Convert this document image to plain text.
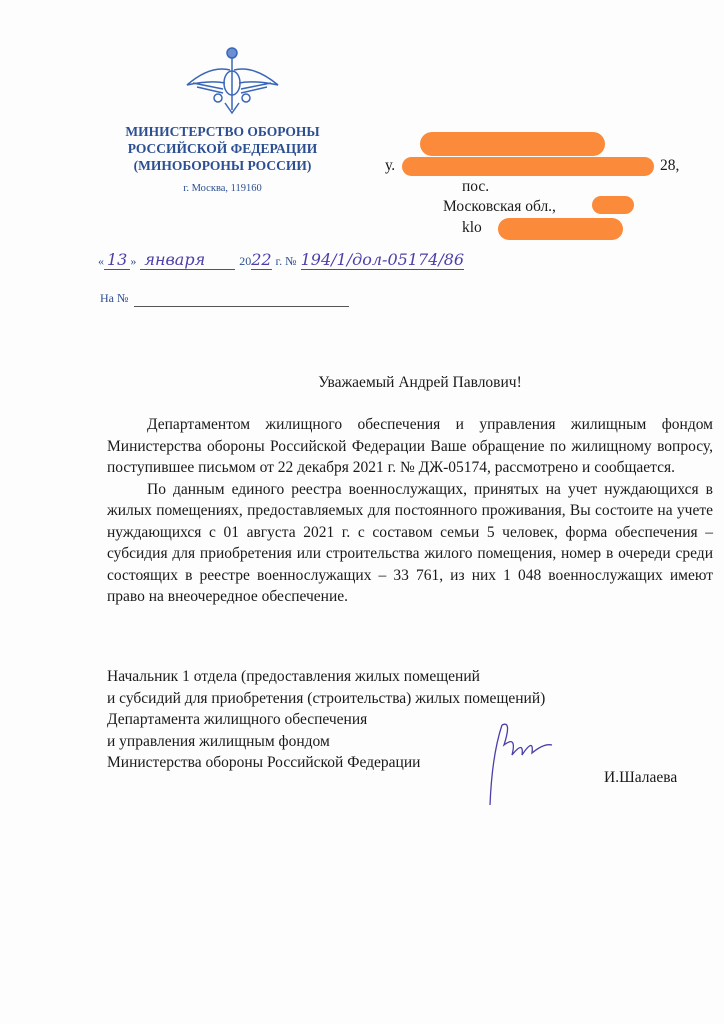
МИНИСТЕРСТВО ОБОРОНЫ
РОССИЙСКОЙ ФЕДЕРАЦИИ
(МИНОБОРОНЫ РОССИИ)
г. Москва, 119160
у.	28,
пос.
Московская обл.,
klo
« 13 » января	2022 г. № 194/1/дол-05174/86
На №
Уважаемый Андрей Павлович!

Департаментом жилищного обеспечения и управления жилищным фондом Министерства обороны Российской Федерации Ваше обращение по жилищному вопросу, поступившее письмом от 22 декабря 2021 г. № ДЖ-05174, рассмотрено и сообщается.

По данным единого реестра военнослужащих, принятых на учет нуждающихся в жилых помещениях, предоставляемых для постоянного проживания, Вы состоите на учете нуждающихся с 01 августа 2021 г. с составом семьи 5 человек, форма обеспечения – субсидия для приобретения или строительства жилого помещения, номер в очереди среди состоящих в реестре военнослужащих – 33 761, из них 1 048 военнослужащих имеют право на внеочередное обеспечение.

Начальник 1 отдела (предоставления жилых помещений
и субсидий для приобретения (строительства) жилых помещений)
Департамента жилищного обеспечения
и управления жилищным фондом
Министерства обороны Российской Федерации
И.Шалаева
